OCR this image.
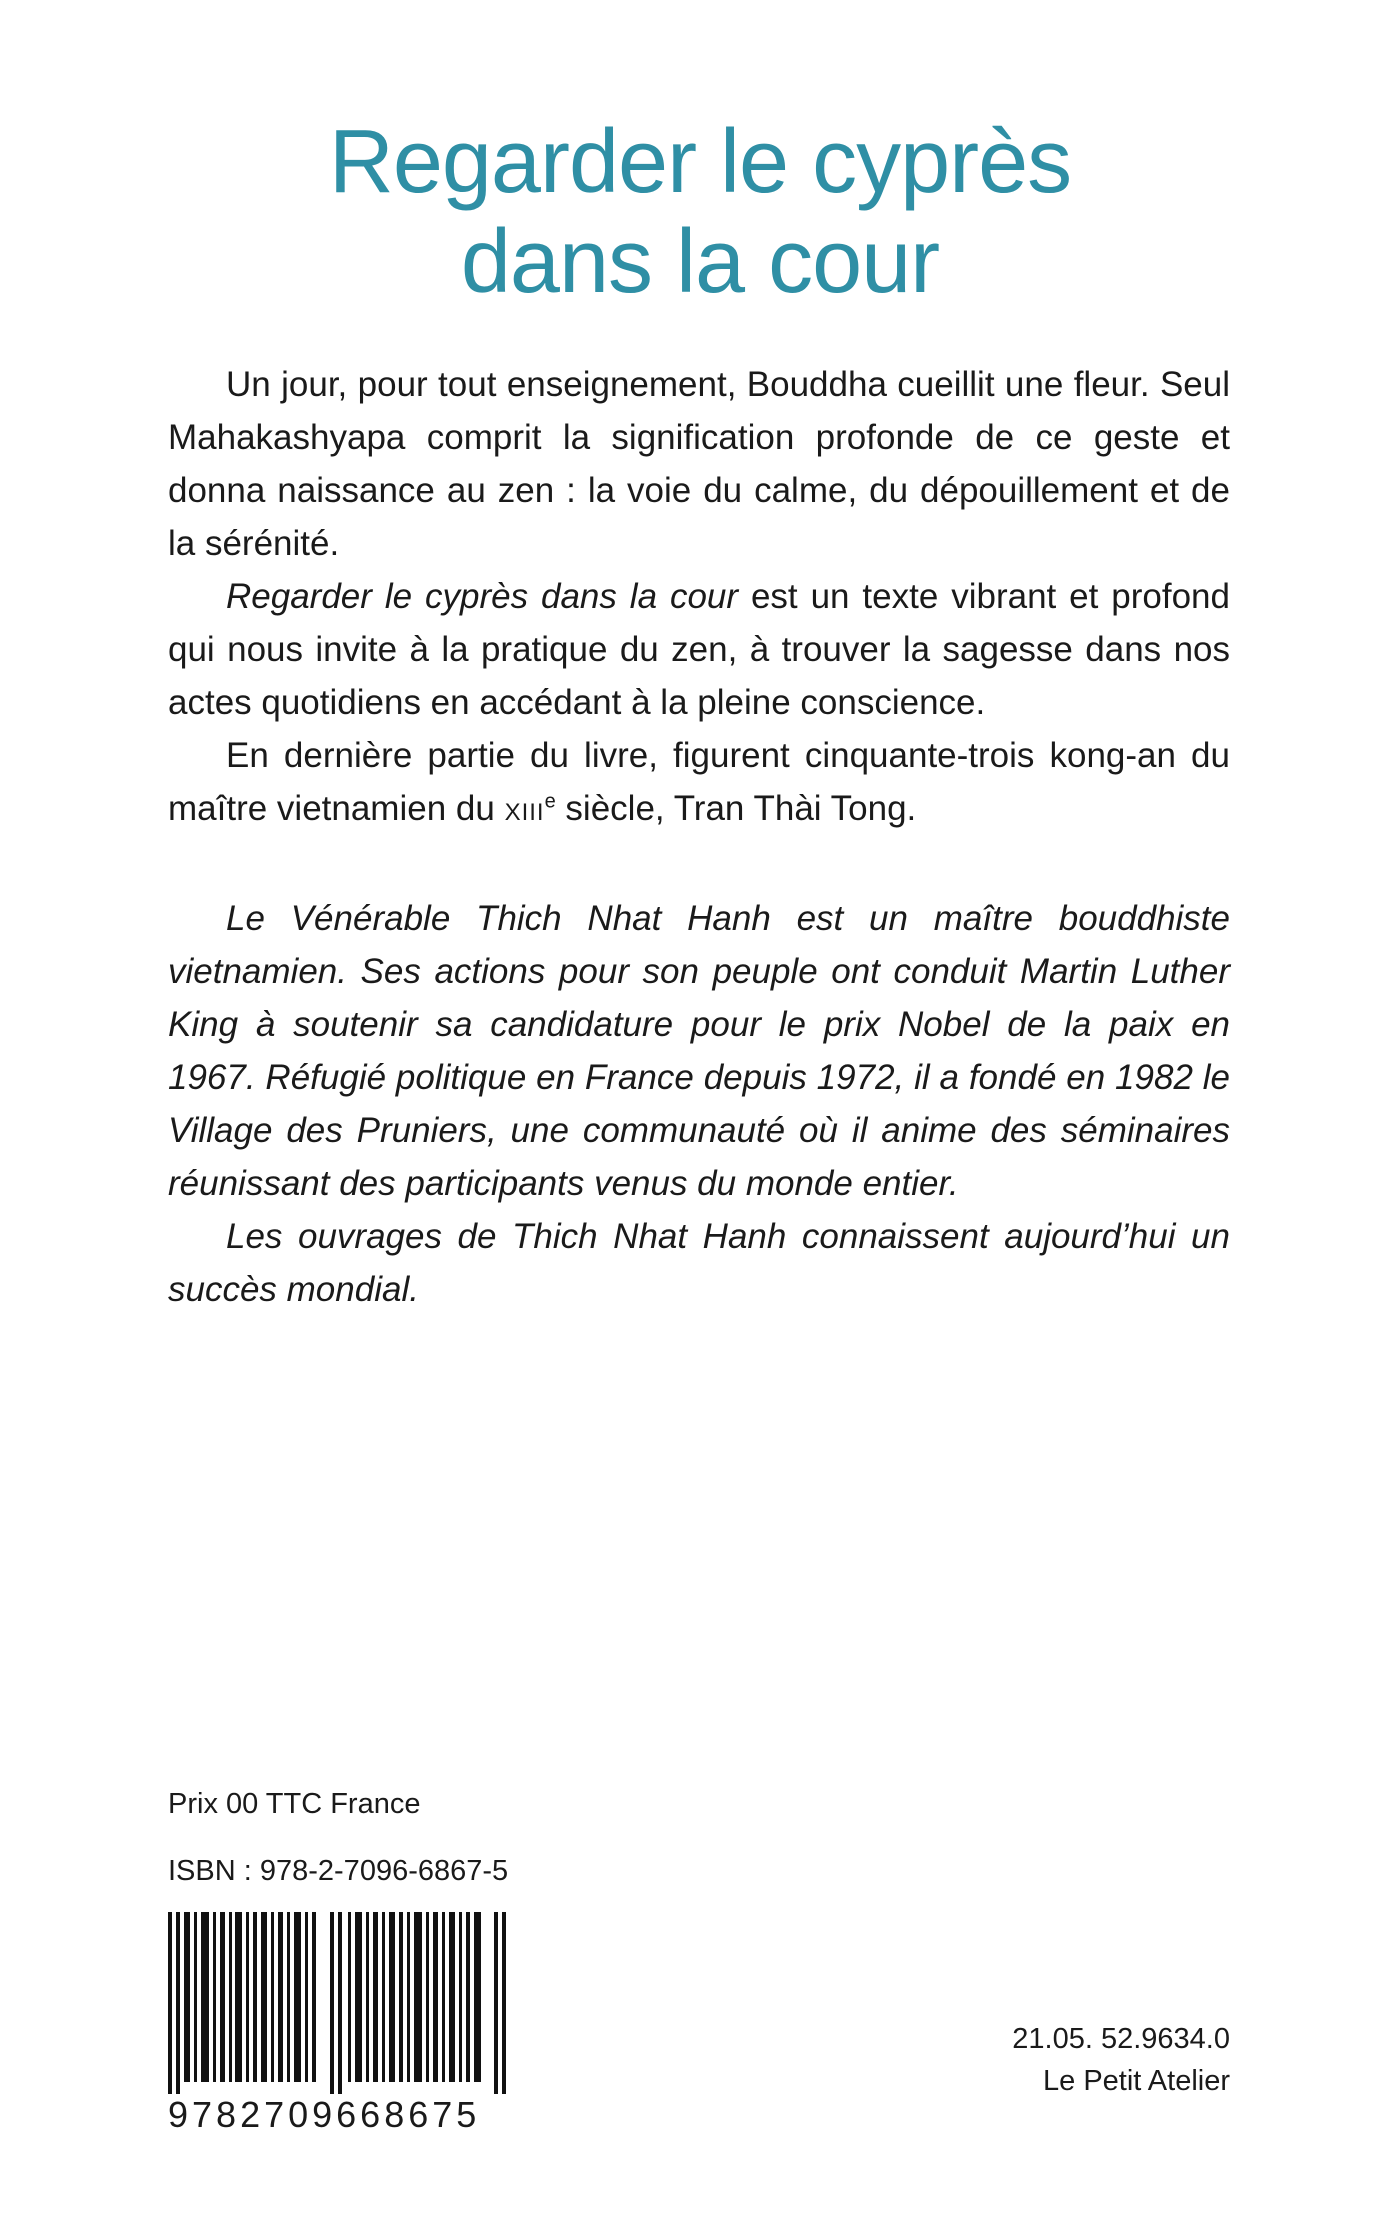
Regarder le cyprès
dans la cour

Un jour, pour tout enseignement, Bouddha cueillit une fleur. Seul Mahakashyapa comprit la signification profonde de ce geste et donna naissance au zen : la voie du calme, du dépouillement et de la sérénité.

Regarder le cyprès dans la cour est un texte vibrant et profond qui nous invite à la pratique du zen, à trouver la sagesse dans nos actes quotidiens en accédant à la pleine conscience.

En dernière partie du livre, figurent cinquante-trois kong-an du maître vietnamien du XIIIe siècle, Tran Thài Tong.

Le Vénérable Thich Nhat Hanh est un maître bouddhiste vietnamien. Ses actions pour son peuple ont conduit Martin Luther King à soutenir sa candidature pour le prix Nobel de la paix en 1967. Réfugié politique en France depuis 1972, il a fondé en 1982 le Village des Pruniers, une communauté où il anime des séminaires réunissant des participants venus du monde entier.

Les ouvrages de Thich Nhat Hanh connaissent aujourd’hui un succès mondial.

Prix 00 TTC France
ISBN : 978-2-7096-6867-5
9782709668675
21.05. 52.9634.0
Le Petit Atelier
